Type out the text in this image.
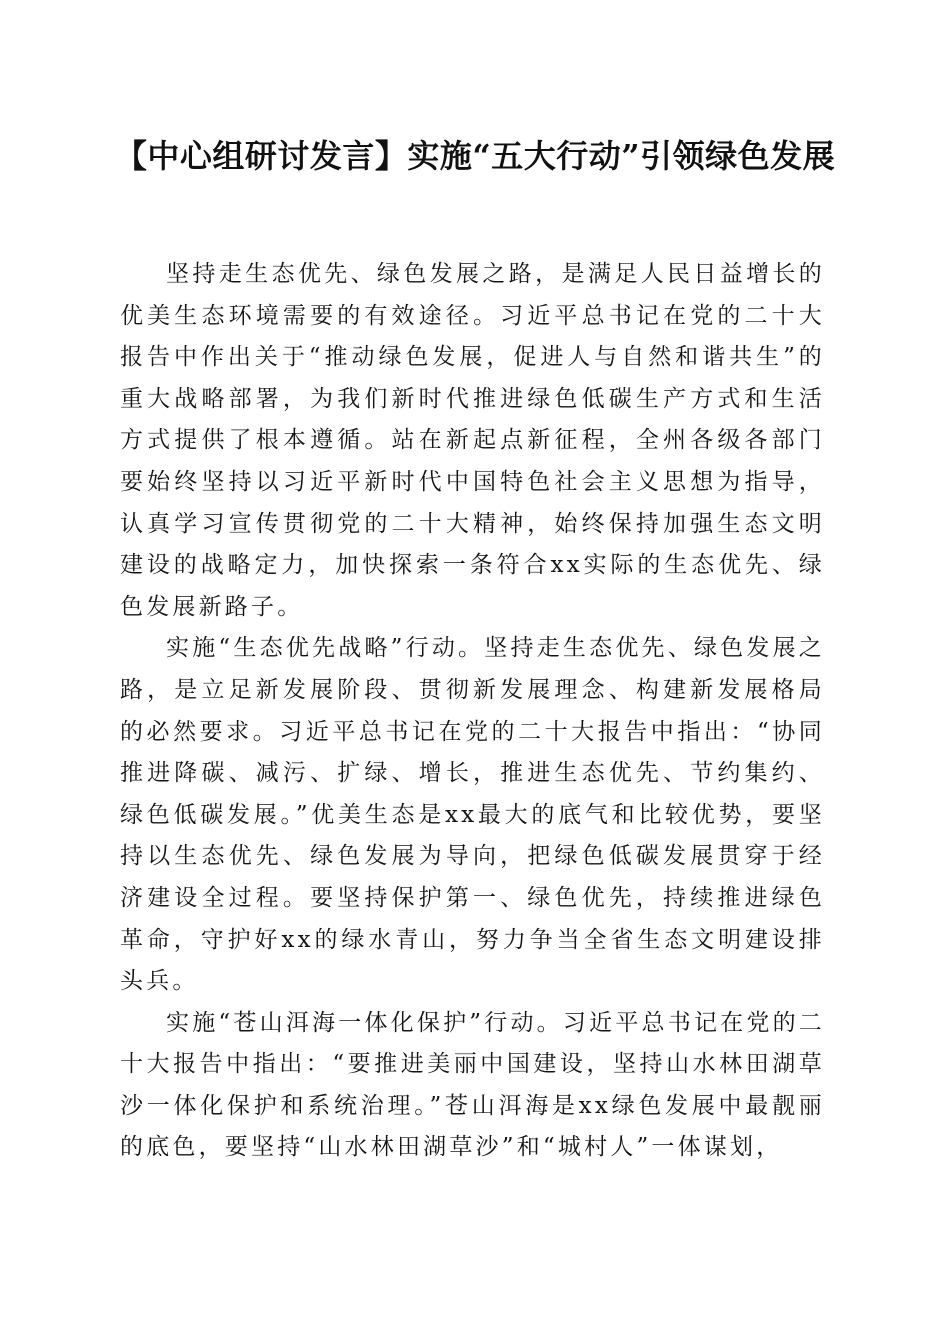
【中心组研讨发言】实施“五大行动”引领绿色发展

坚持走生态优先、绿色发展之路，是满足人民日益增长的优美生态环境需要的有效途径。习近平总书记在党的二十大报告中作出关于“推动绿色发展，促进人与自然和谐共生”的重大战略部署，为我们新时代推进绿色低碳生产方式和生活方式提供了根本遵循。站在新起点新征程，全州各级各部门要始终坚持以习近平新时代中国特色社会主义思想为指导，认真学习宣传贯彻党的二十大精神，始终保持加强生态文明建设的战略定力，加快探索一条符合xx实际的生态优先、绿色发展新路子。

实施“生态优先战略”行动。坚持走生态优先、绿色发展之路，是立足新发展阶段、贯彻新发展理念、构建新发展格局的必然要求。习近平总书记在党的二十大报告中指出：“协同推进降碳、减污、扩绿、增长，推进生态优先、节约集约、绿色低碳发展。”优美生态是xx最大的底气和比较优势，要坚持以生态优先、绿色发展为导向，把绿色低碳发展贯穿于经济建设全过程。要坚持保护第一、绿色优先，持续推进绿色革命，守护好xx的绿水青山，努力争当全省生态文明建设排头兵。

实施“苍山洱海一体化保护”行动。习近平总书记在党的二十大报告中指出：“要推进美丽中国建设，坚持山水林田湖草沙一体化保护和系统治理。”苍山洱海是xx绿色发展中最靓丽的底色，要坚持“山水林田湖草沙”和“城村人”一体谋划，
